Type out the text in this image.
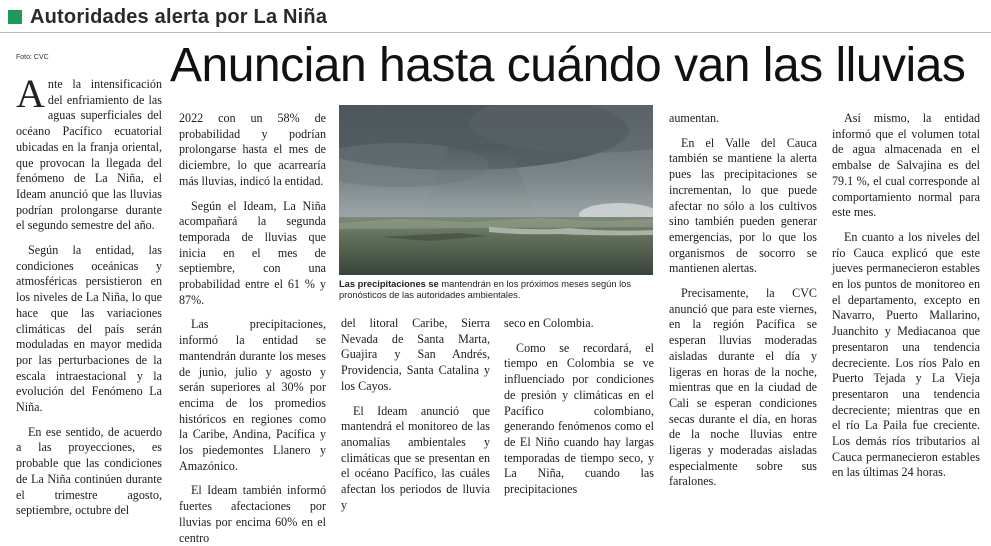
Autoridades alerta por La Niña
Foto: CVC	Anuncian hasta cuándo van las lluvias

Ante la intensificación del enfriamiento de las aguas superficiales del océano Pacífico ecuatorial ubicadas en la franja oriental, que provocan la llegada del fenómeno de La Niña, el Ideam anunció que las lluvias podrían prolongarse durante el segundo semestre del año.

Según la entidad, las condiciones oceánicas y atmosféricas persistieron en los niveles de La Niña, lo que hace que las variaciones climáticas del país serán moduladas en mayor medida por las perturbaciones de la escala intraestacional y la evolución del Fenómeno La Niña.

En ese sentido, de acuerdo a las proyecciones, es probable que las condiciones de La Niña continúen durante el trimestre agosto, septiembre, octubre del

2022 con un 58% de probabilidad y podrían prolongarse hasta el mes de diciembre, lo que acarrearía más lluvias, indicó la entidad.

Según el Ideam, La Niña acompañará la segunda temporada de lluvias que inicia en el mes de septiembre, con una probabilidad entre el 61 % y 87%.

Las precipitaciones, informó la entidad se mantendrán durante los meses de junio, julio y agosto y serán superiores al 30% por encima de los promedios históricos en regiones como la Caribe, Andina, Pacífica y los piedemontes Llanero y Amazónico.

El Ideam también informó fuertes afectaciones por lluvias por encima 60% en el centro

Las precipitaciones se mantendrán en los próximos meses según los pronósticos de las autoridades ambientales.

del litoral Caribe, Sierra Nevada de Santa Marta, Guajira y San Andrés, Providencia, Santa Catalina y los Cayos.

El Ideam anunció que mantendrá el monitoreo de las anomalías ambientales y climáticas que se presentan en el océano Pacífico, las cuáles afectan los periodos de lluvia y

seco en Colombia.

Como se recordará, el tiempo en Colombia se ve influenciado por condiciones de presión y climáticas en el Pacífico colombiano, generando fenómenos como el de El Niño cuando hay largas temporadas de tiempo seco, y La Niña, cuando las precipitaciones

aumentan.

En el Valle del Cauca también se mantiene la alerta pues las precipitaciones se incrementan, lo que puede afectar no sólo a los cultivos sino también pueden generar emergencias, por lo que los organismos de socorro se mantienen alertas.

Precisamente, la CVC anunció que para este viernes, en la región Pacífica se esperan lluvias moderadas aisladas durante el día y ligeras en horas de la noche, mientras que en la ciudad de Cali se esperan condiciones secas durante el día, en horas de la noche lluvias entre ligeras y moderadas aisladas especialmente sobre sus faralones.

Así mismo, la entidad informó que el volumen total de agua almacenada en el embalse de Salvajina es del 79.1 %, el cual corresponde al comportamiento normal para este mes.

En cuanto a los niveles del río Cauca explicó que este jueves permanecieron estables en los puntos de monitoreo en el departamento, excepto en Navarro, Puerto Mallarino, Juanchito y Mediacanoa que presentaron una tendencia decreciente. Los ríos Palo en Puerto Tejada y La Vieja presentaron una tendencia decreciente; mientras que en el río La Paila fue creciente. Los demás ríos tributarios al Cauca permanecieron estables en las últimas 24 horas.
